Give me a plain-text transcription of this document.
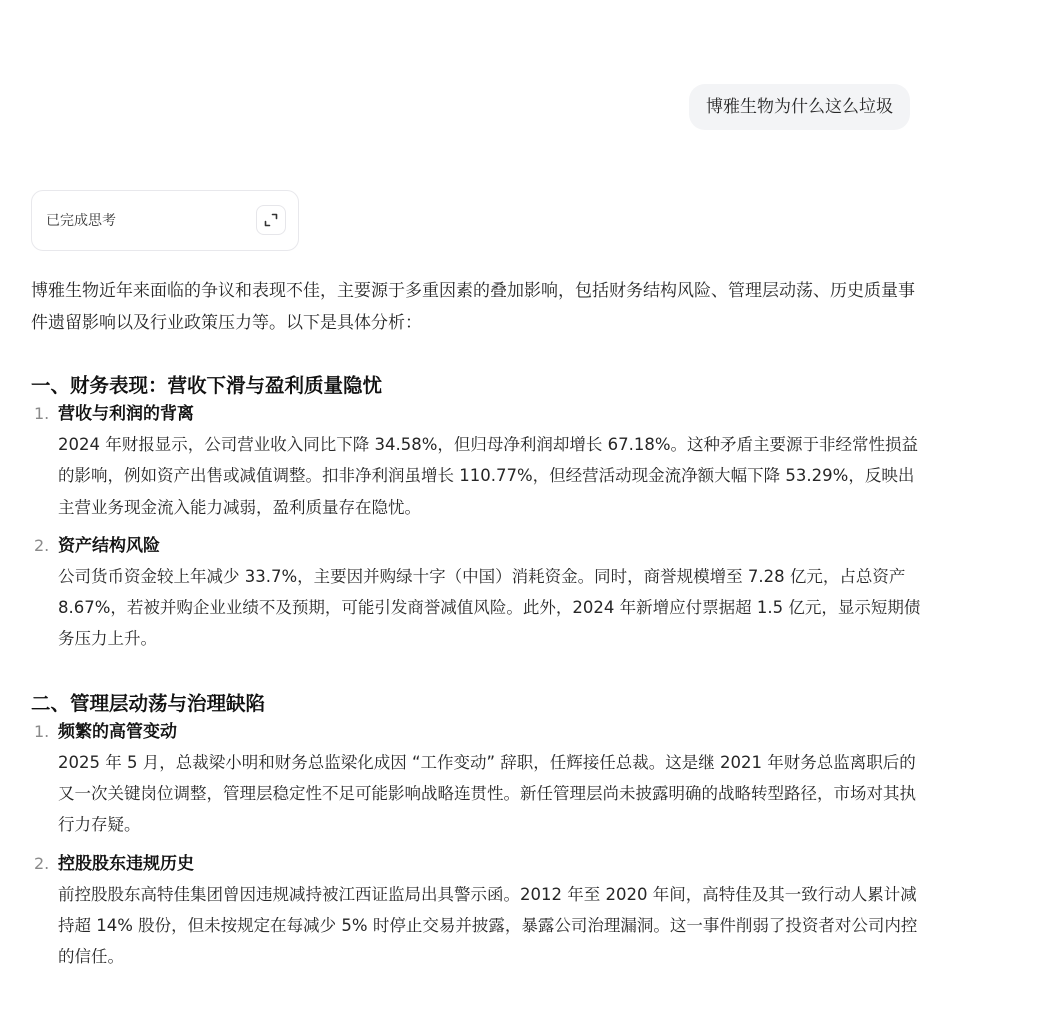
博雅生物为什么这么垃圾
已完成思考

博雅生物近年来面临的争议和表现不佳，主要源于多重因素的叠加影响，包括财务结构风险、管理层动荡、历史质量事件遗留影响以及行业政策压力等。以下是具体分析：

一、财务表现：营收下滑与盈利质量隐忧
1. 营收与利润的背离
2024 年财报显示，公司营业收入同比下降 34.58%，但归母净利润却增长 67.18%。这种矛盾主要源于非经常性损益的影响，例如资产出售或减值调整。扣非净利润虽增长 110.77%，但经营活动现金流净额大幅下降 53.29%，反映出主营业务现金流入能力减弱，盈利质量存在隐忧。
2. 资产结构风险
公司货币资金较上年减少 33.7%，主要因并购绿十字（中国）消耗资金。同时，商誉规模增至 7.28 亿元，占总资产 8.67%，若被并购企业业绩不及预期，可能引发商誉减值风险。此外，2024 年新增应付票据超 1.5 亿元，显示短期债务压力上升。
二、管理层动荡与治理缺陷
1. 频繁的高管变动
2025 年 5 月，总裁梁小明和财务总监梁化成因 “工作变动” 辞职，任辉接任总裁。这是继 2021 年财务总监离职后的又一次关键岗位调整，管理层稳定性不足可能影响战略连贯性。新任管理层尚未披露明确的战略转型路径，市场对其执行力存疑。
2. 控股股东违规历史
前控股股东高特佳集团曾因违规减持被江西证监局出具警示函。2012 年至 2020 年间，高特佳及其一致行动人累计减持超 14% 股份，但未按规定在每减少 5% 时停止交易并披露，暴露公司治理漏洞。这一事件削弱了投资者对公司内控的信任。
